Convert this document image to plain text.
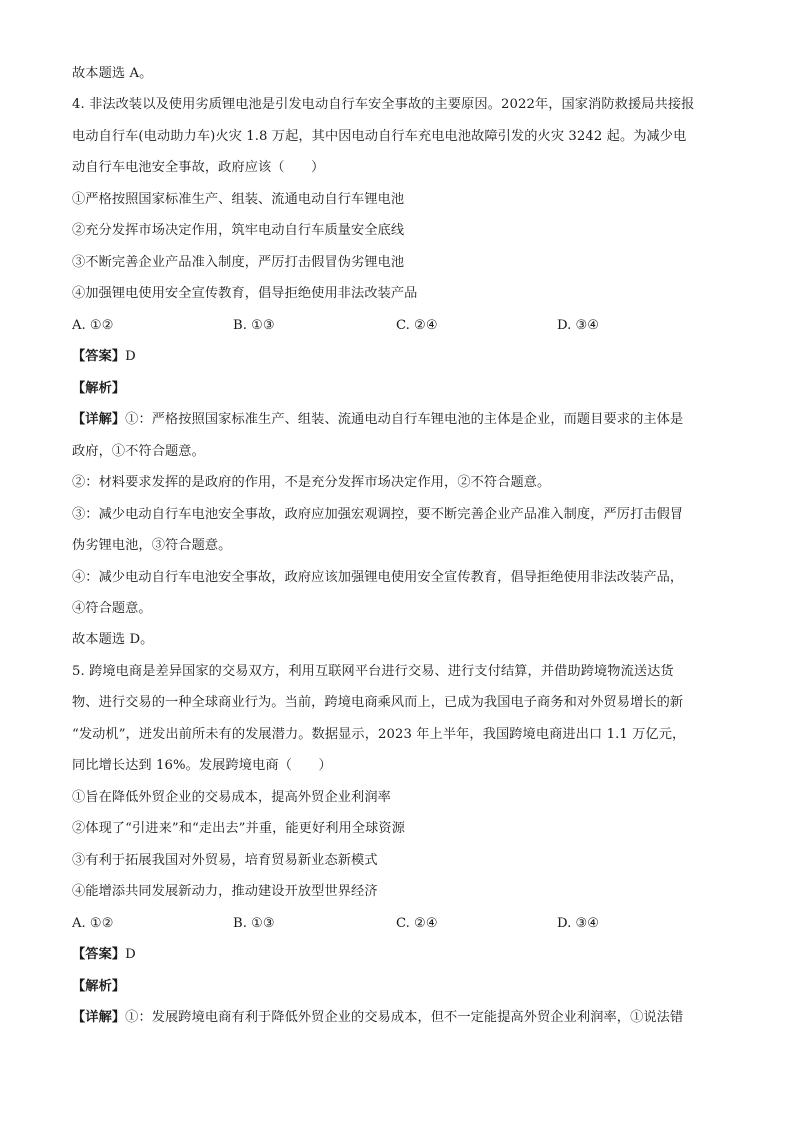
故本题选 A。
4. 非法改装以及使用劣质锂电池是引发电动自行车安全事故的主要原因。2022年，国家消防救援局共接报
电动自行车(电动助力车)火灾 1.8 万起，其中因电动自行车充电电池故障引发的火灾 3242 起。为减少电
动自行车电池安全事故，政府应该（　　）
①严格按照国家标准生产、组装、流通电动自行车锂电池
②充分发挥市场决定作用，筑牢电动自行车质量安全底线
③不断完善企业产品准入制度，严厉打击假冒伪劣锂电池
④加强锂电使用安全宣传教育，倡导拒绝使用非法改装产品
A. ①②	B. ①③	C. ②④	D. ③④
【答案】D
【解析】
【详解】①：严格按照国家标准生产、组装、流通电动自行车锂电池的主体是企业，而题目要求的主体是
政府，①不符合题意。
②：材料要求发挥的是政府的作用，不是充分发挥市场决定作用，②不符合题意。
③：减少电动自行车电池安全事故，政府应加强宏观调控，要不断完善企业产品准入制度，严厉打击假冒
伪劣锂电池，③符合题意。
④：减少电动自行车电池安全事故，政府应该加强锂电使用安全宣传教育，倡导拒绝使用非法改装产品，
④符合题意。
故本题选 D。
5. 跨境电商是差异国家的交易双方，利用互联网平台进行交易、进行支付结算，并借助跨境物流送达货
物、进行交易的一种全球商业行为。当前，跨境电商乘风而上，已成为我国电子商务和对外贸易增长的新
“发动机”，迸发出前所未有的发展潜力。数据显示，2023 年上半年，我国跨境电商进出口 1.1 万亿元，
同比增长达到 16%。发展跨境电商（　　）
①旨在降低外贸企业的交易成本，提高外贸企业利润率
②体现了“引进来”和“走出去”并重，能更好利用全球资源
③有利于拓展我国对外贸易，培育贸易新业态新模式
④能增添共同发展新动力，推动建设开放型世界经济
A. ①②	B. ①③	C. ②④	D. ③④
【答案】D
【解析】
【详解】①：发展跨境电商有利于降低外贸企业的交易成本，但不一定能提高外贸企业利润率，①说法错
